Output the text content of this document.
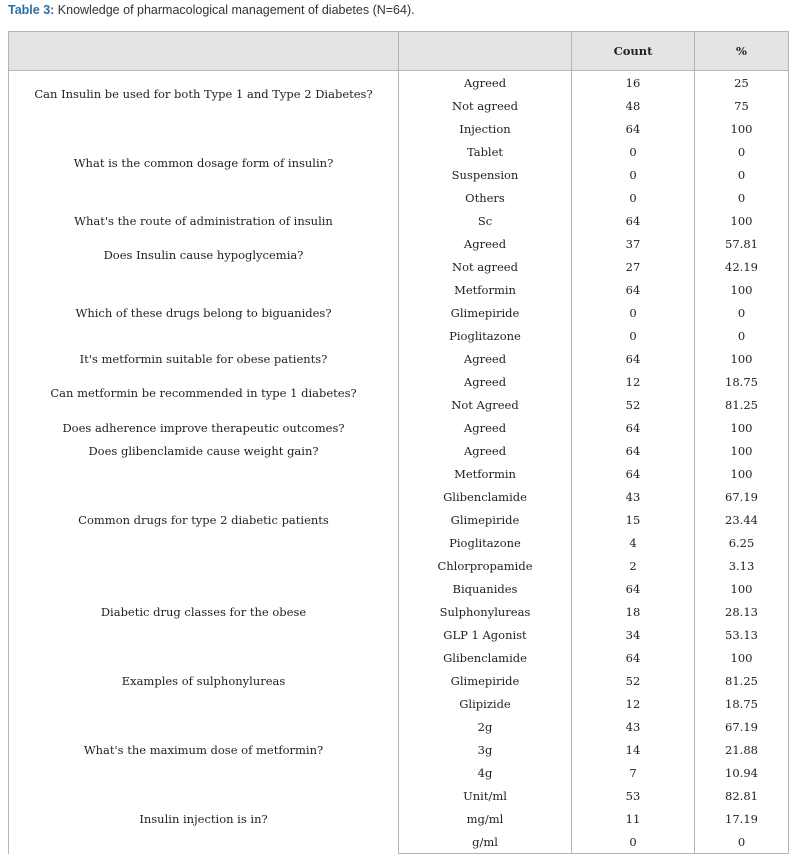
Table 3: Knowledge of pharmacological management of diabetes (N=64).
		Count	%
Can Insulin be used for both Type 1 and Type 2 Diabetes?	Agreed	16	25
	Not agreed	48	75
What is the common dosage form of insulin?	Injection	64	100
	Tablet	0	0
	Suspension	0	0
	Others	0	0
What's the route of administration of insulin	Sc	64	100
Does Insulin cause hypoglycemia?	Agreed	37	57.81
	Not agreed	27	42.19
Which of these drugs belong to biguanides?	Metformin	64	100
	Glimepiride	0	0
	Pioglitazone	0	0
It's metformin suitable for obese patients?	Agreed	64	100
Can metformin be recommended in type 1 diabetes?	Agreed	12	18.75
	Not Agreed	52	81.25
Does adherence improve therapeutic outcomes?	Agreed	64	100
Does glibenclamide cause weight gain?	Agreed	64	100
Common drugs for type 2 diabetic patients	Metformin	64	100
	Glibenclamide	43	67.19
	Glimepiride	15	23.44
	Pioglitazone	4	6.25
	Chlorpropamide	2	3.13
Diabetic drug classes for the obese	Biquanides	64	100
	Sulphonylureas	18	28.13
	GLP 1 Agonist	34	53.13
Examples of sulphonylureas	Glibenclamide	64	100
	Glimepiride	52	81.25
	Glipizide	12	18.75
What's the maximum dose of metformin?	2g	43	67.19
	3g	14	21.88
	4g	7	10.94
Insulin injection is in?	Unit/ml	53	82.81
	mg/ml	11	17.19
	g/ml	0	0
